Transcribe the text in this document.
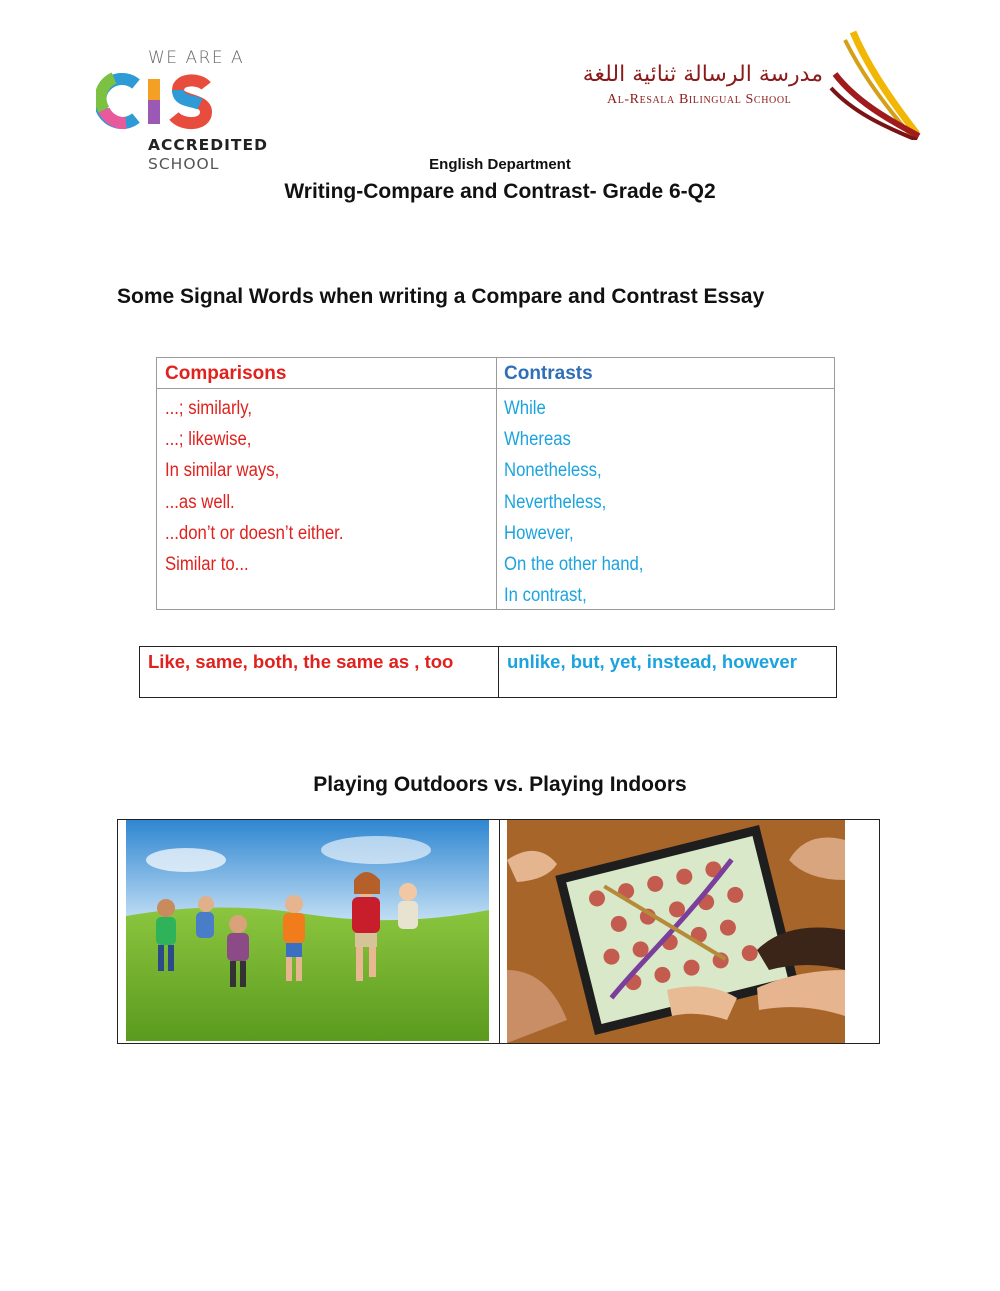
WE ARE A
ACCREDITED
SCHOOL
مدرسة الرسالة ثنائية اللغة
Al-Resala Bilingual School
English Department
Writing-Compare and Contrast- Grade 6-Q2
Some Signal Words when writing a Compare and Contrast Essay
Comparisons
...; similarly,
...; likewise,
In similar ways,
...as well.
...don’t or doesn’t either.
Similar to...
Contrasts
While
Whereas
Nonetheless,
Nevertheless,
However,
On the other hand,
In contrast,
Like, same, both, the same as , too	unlike, but, yet, instead, however
Playing Outdoors vs. Playing Indoors
